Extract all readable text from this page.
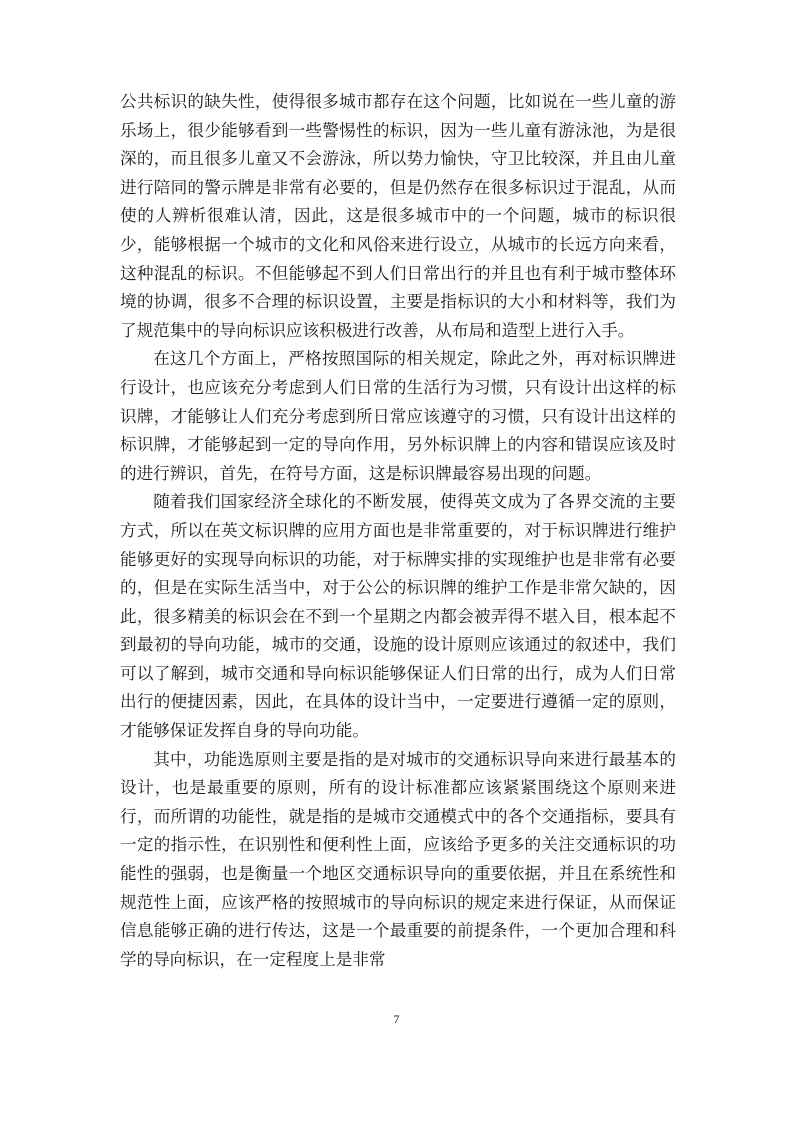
公共标识的缺失性，使得很多城市都存在这个问题，比如说在一些儿童的游乐场上，很少能够看到一些警惕性的标识，因为一些儿童有游泳池，为是很深的，而且很多儿童又不会游泳，所以势力愉快，守卫比较深，并且由儿童进行陪同的警示牌是非常有必要的，但是仍然存在很多标识过于混乱，从而使的人辨析很难认清，因此，这是很多城市中的一个问题，城市的标识很少，能够根据一个城市的文化和风俗来进行设立，从城市的长远方向来看，这种混乱的标识。不但能够起不到人们日常出行的并且也有利于城市整体环境的协调，很多不合理的标识设置，主要是指标识的大小和材料等，我们为了规范集中的导向标识应该积极进行改善，从布局和造型上进行入手。

在这几个方面上，严格按照国际的相关规定，除此之外，再对标识牌进行设计，也应该充分考虑到人们日常的生活行为习惯，只有设计出这样的标识牌，才能够让人们充分考虑到所日常应该遵守的习惯，只有设计出这样的标识牌，才能够起到一定的导向作用，另外标识牌上的内容和错误应该及时的进行辨识，首先，在符号方面，这是标识牌最容易出现的问题。

随着我们国家经济全球化的不断发展，使得英文成为了各界交流的主要方式，所以在英文标识牌的应用方面也是非常重要的，对于标识牌进行维护能够更好的实现导向标识的功能，对于标牌实排的实现维护也是非常有必要的，但是在实际生活当中，对于公公的标识牌的维护工作是非常欠缺的，因此，很多精美的标识会在不到一个星期之内都会被弄得不堪入目，根本起不到最初的导向功能，城市的交通，设施的设计原则应该通过的叙述中，我们可以了解到，城市交通和导向标识能够保证人们日常的出行，成为人们日常出行的便捷因素，因此，在具体的设计当中，一定要进行遵循一定的原则，才能够保证发挥自身的导向功能。

其中，功能选原则主要是指的是对城市的交通标识导向来进行最基本的设计，也是最重要的原则，所有的设计标准都应该紧紧围绕这个原则来进行，而所谓的功能性，就是指的是城市交通模式中的各个交通指标，要具有一定的指示性，在识别性和便利性上面，应该给予更多的关注交通标识的功能性的强弱，也是衡量一个地区交通标识导向的重要依据，并且在系统性和规范性上面，应该严格的按照城市的导向标识的规定来进行保证，从而保证信息能够正确的进行传达，这是一个最重要的前提条件，一个更加合理和科学的导向标识，在一定程度上是非常

7
